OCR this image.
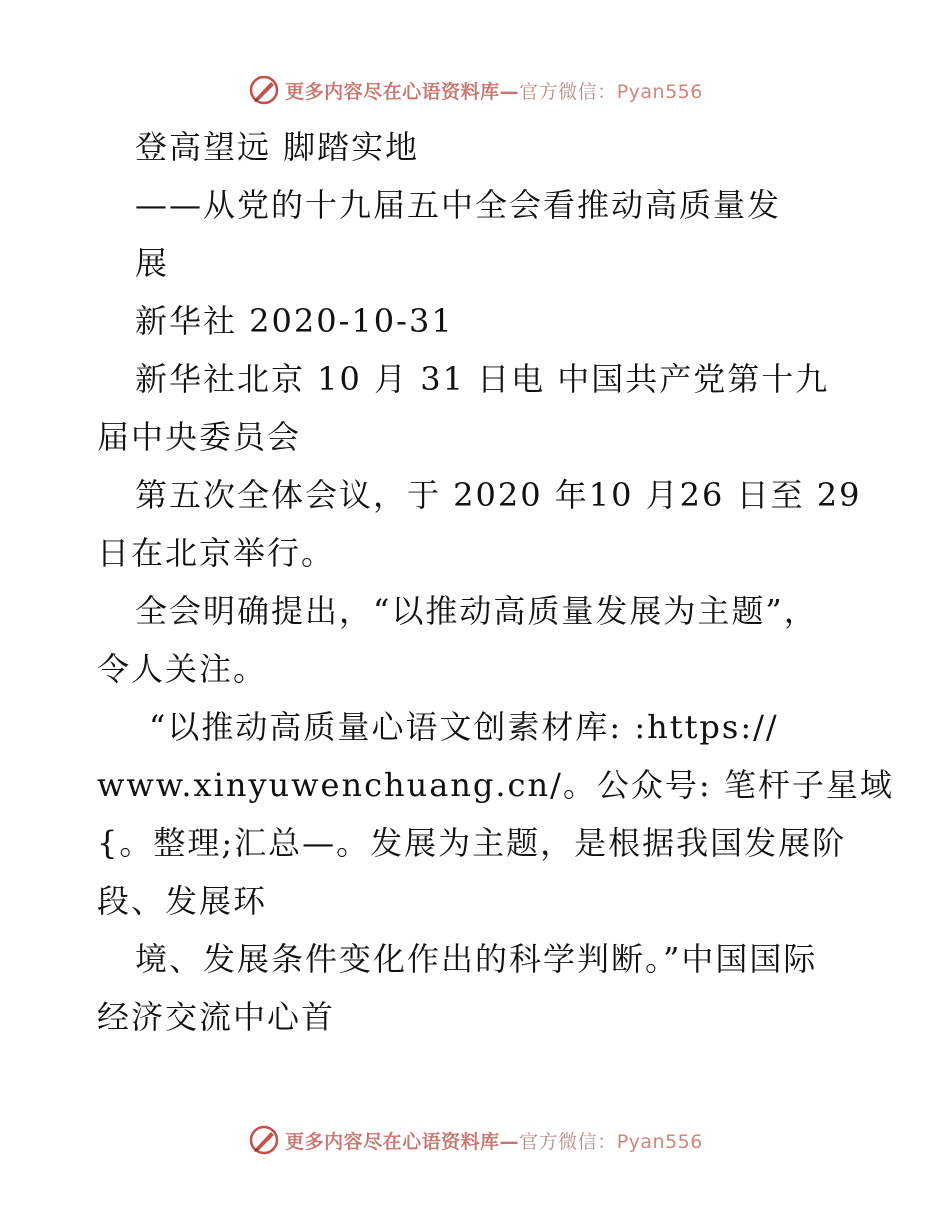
更多内容尽在心语资料库—官方微信：Pyan556
登高望远 脚踏实地
——从党的十九届五中全会看推动高质量发
展
新华社 2020-10-31
新华社北京 10 月 31 日电 中国共产党第十九
届中央委员会
第五次全体会议，于 2020 年10 月26 日至 29
日在北京举行。
全会明确提出，“以推动高质量发展为主题”，
令人关注。
“以推动高质量心语文创素材库: :https://
www.xinyuwenchuang.cn/。公众号: 笔杆子星域
{。整理;汇总—。发展为主题，是根据我国发展阶
段、发展环
境、发展条件变化作出的科学判断。”中国国际
经济交流中心首
更多内容尽在心语资料库—官方微信：Pyan556
